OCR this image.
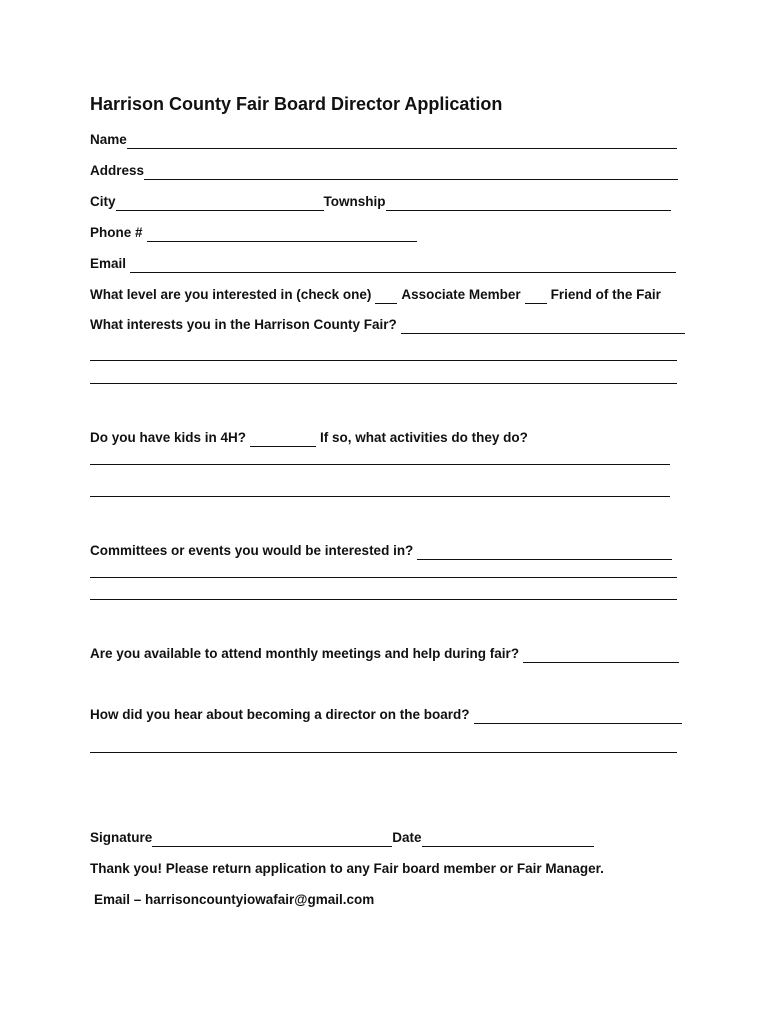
Harrison County Fair Board Director Application
Name
Address
City	Township
Phone #
Email
What level are you interested in (check one) Associate Member Friend of the Fair
What interests you in the Harrison County Fair?
Do you have kids in 4H?	If so, what activities do they do?
Committees or events you would be interested in?
Are you available to attend monthly meetings and help during fair?
How did you hear about becoming a director on the board?
Signature	Date
Thank you! Please return application to any Fair board member or Fair Manager.
Email – harrisoncountyiowafair@gmail.com
